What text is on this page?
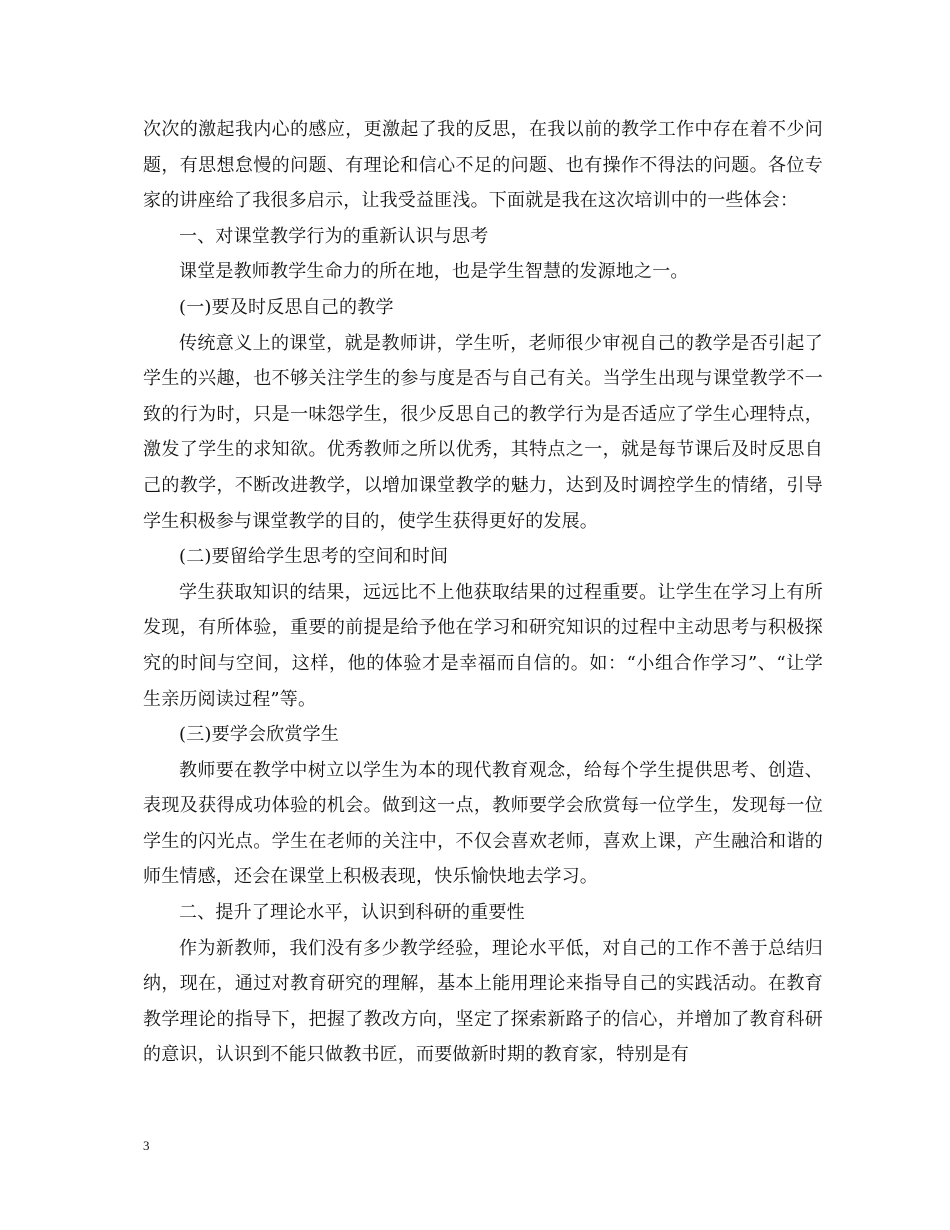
次次的激起我内心的感应，更激起了我的反思，在我以前的教学工作中存在着不少问题，有思想怠慢的问题、有理论和信心不足的问题、也有操作不得法的问题。各位专家的讲座给了我很多启示，让我受益匪浅。下面就是我在这次培训中的一些体会：

一、对课堂教学行为的重新认识与思考

课堂是教师教学生命力的所在地，也是学生智慧的发源地之一。

(一)要及时反思自己的教学

传统意义上的课堂，就是教师讲，学生听，老师很少审视自己的教学是否引起了学生的兴趣，也不够关注学生的参与度是否与自己有关。当学生出现与课堂教学不一致的行为时，只是一味怨学生，很少反思自己的教学行为是否适应了学生心理特点，激发了学生的求知欲。优秀教师之所以优秀，其特点之一，就是每节课后及时反思自己的教学，不断改进教学，以增加课堂教学的魅力，达到及时调控学生的情绪，引导学生积极参与课堂教学的目的，使学生获得更好的发展。

(二)要留给学生思考的空间和时间

学生获取知识的结果，远远比不上他获取结果的过程重要。让学生在学习上有所发现，有所体验，重要的前提是给予他在学习和研究知识的过程中主动思考与积极探究的时间与空间，这样，他的体验才是幸福而自信的。如：“小组合作学习”、“让学生亲历阅读过程”等。

(三)要学会欣赏学生

教师要在教学中树立以学生为本的现代教育观念，给每个学生提供思考、创造、表现及获得成功体验的机会。做到这一点，教师要学会欣赏每一位学生，发现每一位学生的闪光点。学生在老师的关注中，不仅会喜欢老师，喜欢上课，产生融洽和谐的师生情感，还会在课堂上积极表现，快乐愉快地去学习。

二、提升了理论水平，认识到科研的重要性

作为新教师，我们没有多少教学经验，理论水平低，对自己的工作不善于总结归纳，现在，通过对教育研究的理解，基本上能用理论来指导自己的实践活动。在教育教学理论的指导下，把握了教改方向，坚定了探索新路子的信心，并增加了教育科研的意识，认识到不能只做教书匠，而要做新时期的教育家，特别是有

3
